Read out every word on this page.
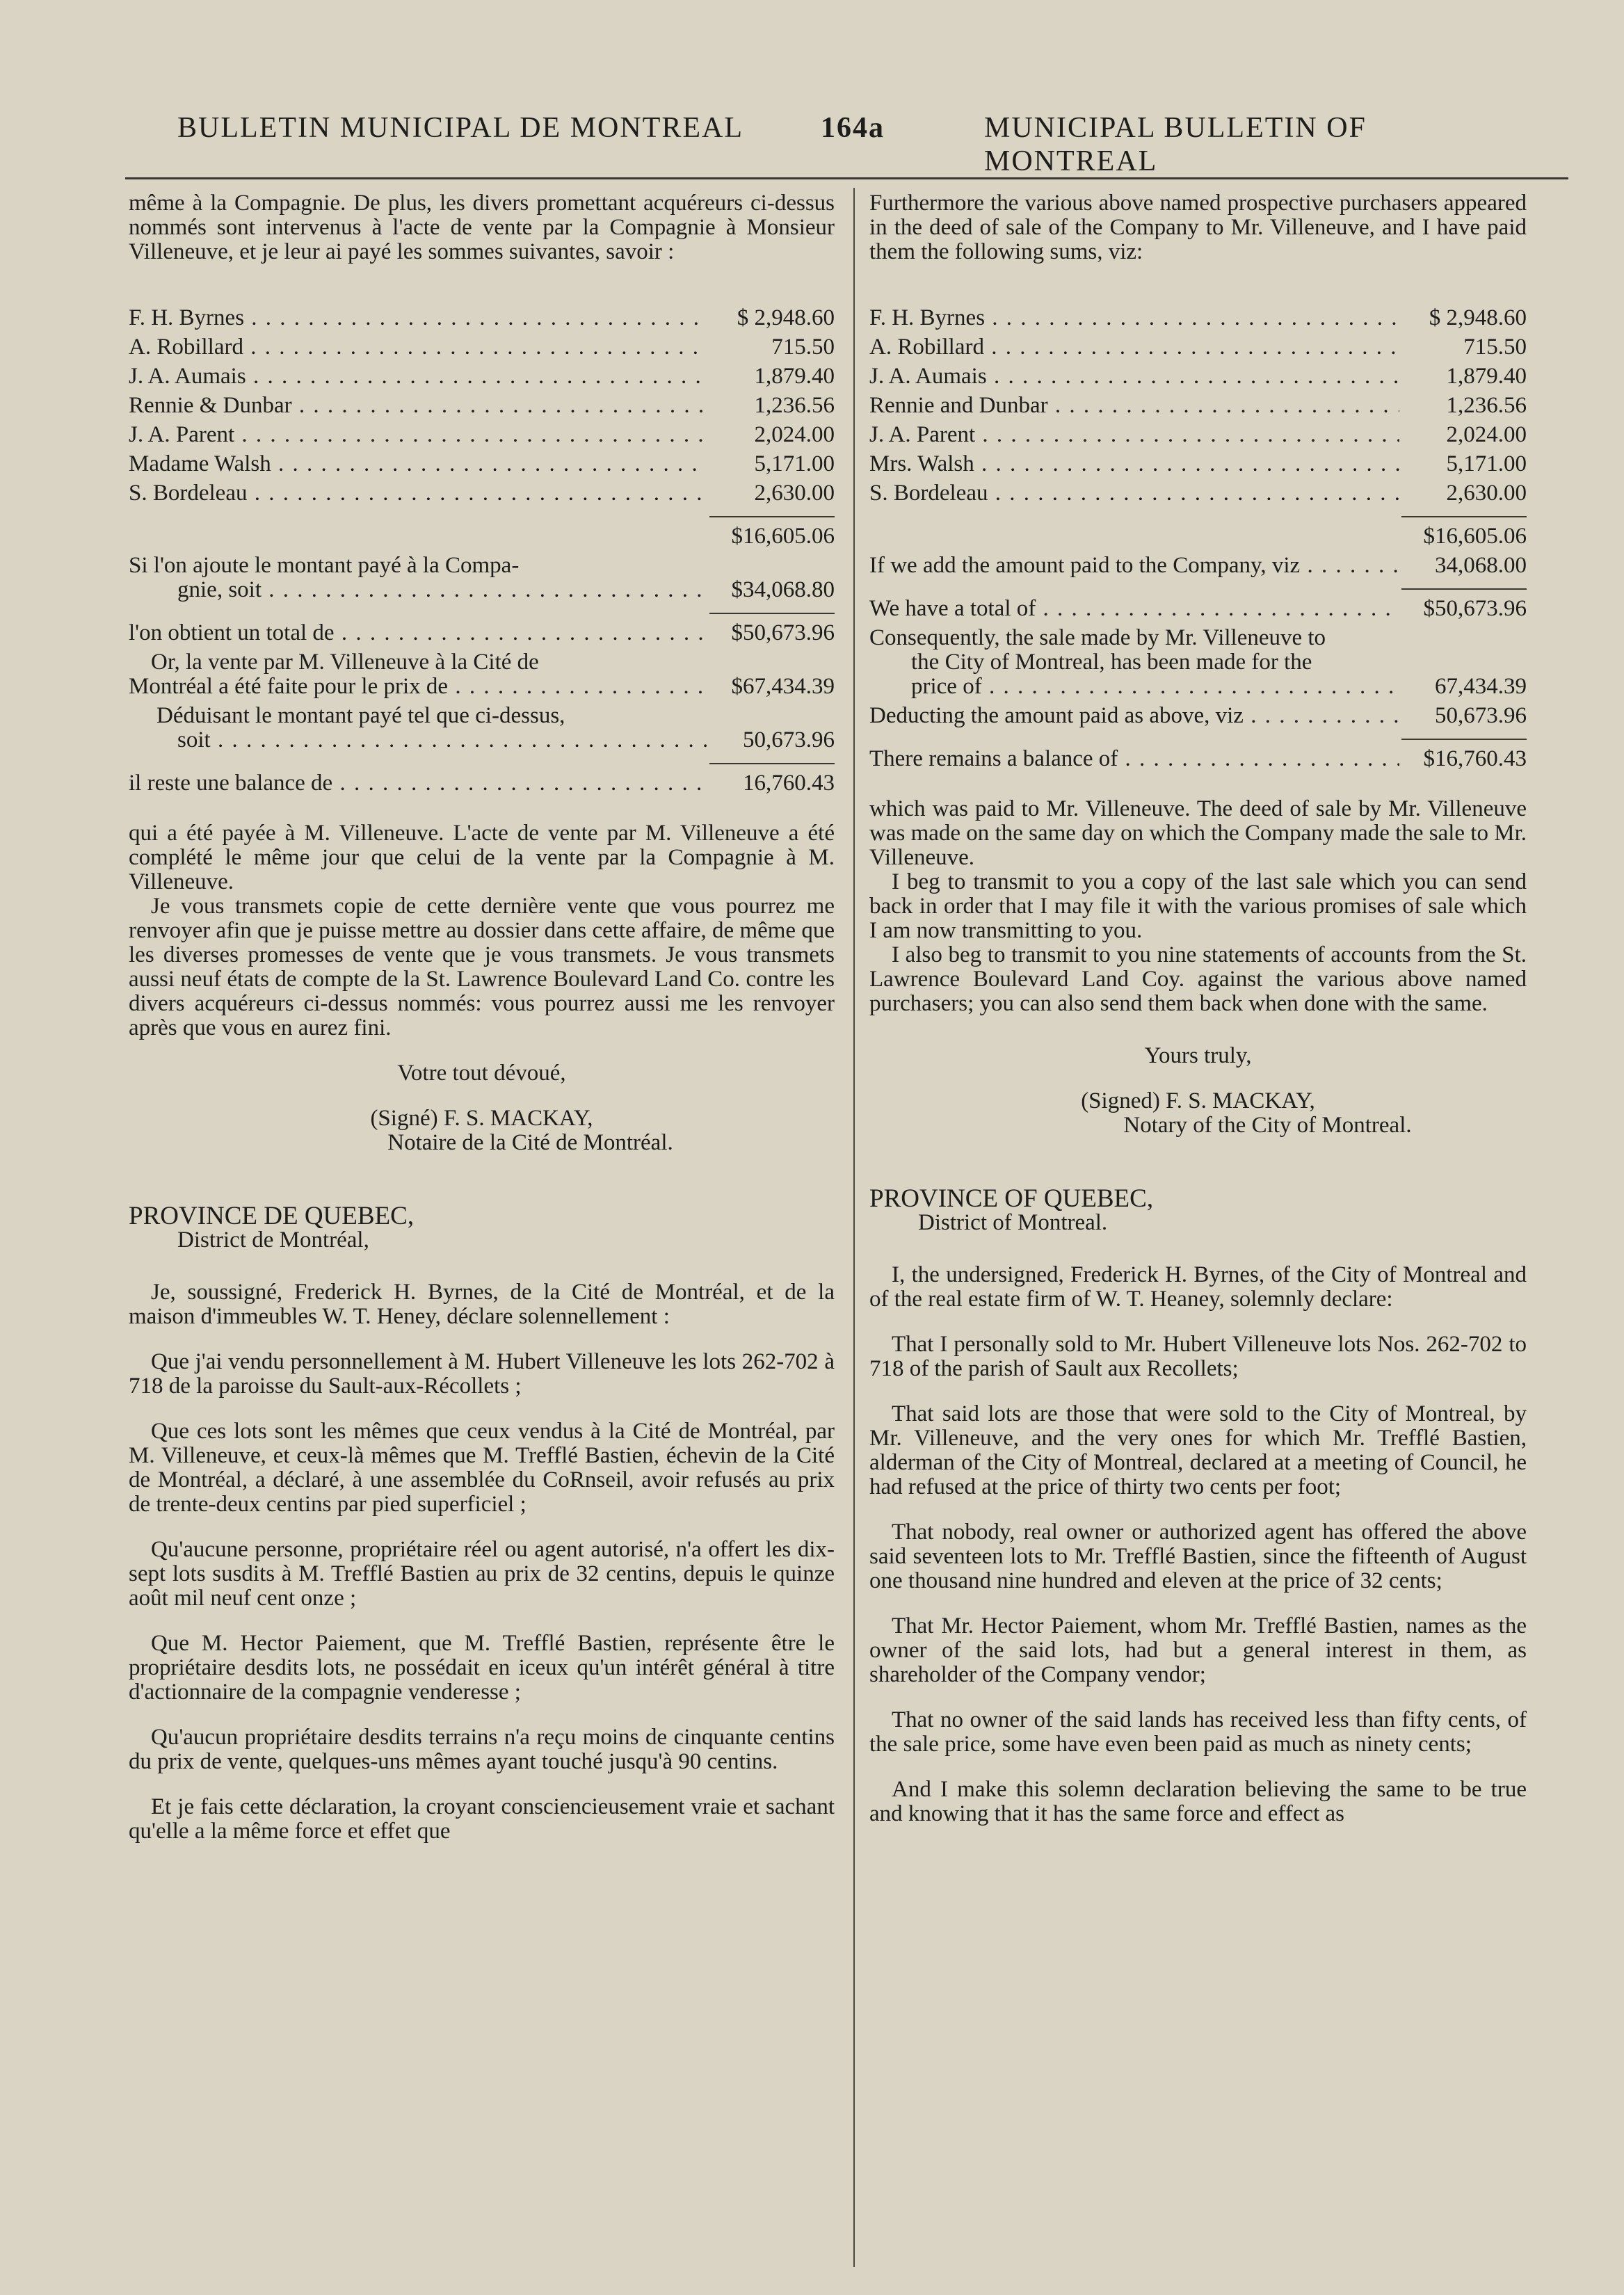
BULLETIN MUNICIPAL DE MONTREAL	164a	MUNICIPAL BULLETIN OF MONTREAL

même à la Compagnie. De plus, les divers promettant acquéreurs ci-dessus nommés sont intervenus à l'acte de vente par la Compagnie à Monsieur Villeneuve, et je leur ai payé les sommes suivantes, savoir :

F. H. Byrnes . . .	$ 2,948.60
A. Robillard . . .	715.50
J. A. Aumais . . .	1,879.40
Rennie & Dunbar . . .	1,236.56
J. A. Parent . . .	2,024.00
Madame Walsh . . .	5,171.00
S. Bordeleau . . .	2,630.00
$16,605.06
Si l'on ajoute le montant payé à la Compa-
gnie, soit . . .	$34,068.80
l'on obtient un total de . . .	$50,673.96
Or, la vente par M. Villeneuve à la Cité de
Montréal a été faite pour le prix de . . .	$67,434.39
Déduisant le montant payé tel que ci-dessus,
soit . . .	50,673.96
il reste une balance de . . .	16,760.43

qui a été payée à M. Villeneuve. L'acte de vente par M. Villeneuve a été complété le même jour que celui de la vente par la Compagnie à M. Villeneuve.

Je vous transmets copie de cette dernière vente que vous pourrez me renvoyer afin que je puisse mettre au dossier dans cette affaire, de même que les diverses promesses de vente que je vous transmets. Je vous transmets aussi neuf états de compte de la St. Lawrence Boulevard Land Co. contre les divers acquéreurs ci-dessus nommés: vous pourrez aussi me les renvoyer après que vous en aurez fini.

Votre tout dévoué,
(Signé) F. S. MACKAY,
Notaire de la Cité de Montréal.
PROVINCE DE QUEBEC,
District de Montréal,

Je, soussigné, Frederick H. Byrnes, de la Cité de Montréal, et de la maison d'immeubles W. T. Heney, déclare solennellement :

Que j'ai vendu personnellement à M. Hubert Villeneuve les lots 262-702 à 718 de la paroisse du Sault-aux-Récollets ;

Que ces lots sont les mêmes que ceux vendus à la Cité de Montréal, par M. Villeneuve, et ceux-là mêmes que M. Trefflé Bastien, échevin de la Cité de Montréal, a déclaré, à une assemblée du CoRnseil, avoir refusés au prix de trente-deux centins par pied superficiel ;

Qu'aucune personne, propriétaire réel ou agent autorisé, n'a offert les dix-sept lots susdits à M. Trefflé Bastien au prix de 32 centins, depuis le quinze août mil neuf cent onze ;

Que M. Hector Paiement, que M. Trefflé Bastien, représente être le propriétaire desdits lots, ne possédait en iceux qu'un intérêt général à titre d'actionnaire de la compagnie venderesse ;

Qu'aucun propriétaire desdits terrains n'a reçu moins de cinquante centins du prix de vente, quelques-uns mêmes ayant touché jusqu'à 90 centins.

Et je fais cette déclaration, la croyant consciencieusement vraie et sachant qu'elle a la même force et effet que

Furthermore the various above named prospective purchasers appeared in the deed of sale of the Company to Mr. Villeneuve, and I have paid them the following sums, viz:

F. H. Byrnes . . .	$ 2,948.60
A. Robillard . . .	715.50
J. A. Aumais . . .	1,879.40
Rennie and Dunbar . . .	1,236.56
J. A. Parent . . .	2,024.00
Mrs. Walsh . . .	5,171.00
S. Bordeleau . . .	2,630.00
$16,605.06
If we add the amount paid to the Company, viz . . .	34,068.00
We have a total of . . .	$50,673.96
Consequently, the sale made by Mr. Villeneuve to
the City of Montreal, has been made for the
price of . . .	67,434.39
Deducting the amount paid as above, viz . . .	50,673.96
There remains a balance of . . .	$16,760.43

which was paid to Mr. Villeneuve. The deed of sale by Mr. Villeneuve was made on the same day on which the Company made the sale to Mr. Villeneuve.

I beg to transmit to you a copy of the last sale which you can send back in order that I may file it with the various promises of sale which I am now transmitting to you.

I also beg to transmit to you nine statements of accounts from the St. Lawrence Boulevard Land Coy. against the various above named purchasers; you can also send them back when done with the same.

Yours truly,
(Signed) F. S. MACKAY,
Notary of the City of Montreal.
PROVINCE OF QUEBEC,
District of Montreal.

I, the undersigned, Frederick H. Byrnes, of the City of Montreal and of the real estate firm of W. T. Heaney, solemnly declare:

That I personally sold to Mr. Hubert Villeneuve lots Nos. 262-702 to 718 of the parish of Sault aux Recollets;

That said lots are those that were sold to the City of Montreal, by Mr. Villeneuve, and the very ones for which Mr. Trefflé Bastien, alderman of the City of Montreal, declared at a meeting of Council, he had refused at the price of thirty two cents per foot;

That nobody, real owner or authorized agent has offered the above said seventeen lots to Mr. Trefflé Bastien, since the fifteenth of August one thousand nine hundred and eleven at the price of 32 cents;

That Mr. Hector Paiement, whom Mr. Trefflé Bastien, names as the owner of the said lots, had but a general interest in them, as shareholder of the Company vendor;

That no owner of the said lands has received less than fifty cents, of the sale price, some have even been paid as much as ninety cents;

And I make this solemn declaration believing the same to be true and knowing that it has the same force and effect as
